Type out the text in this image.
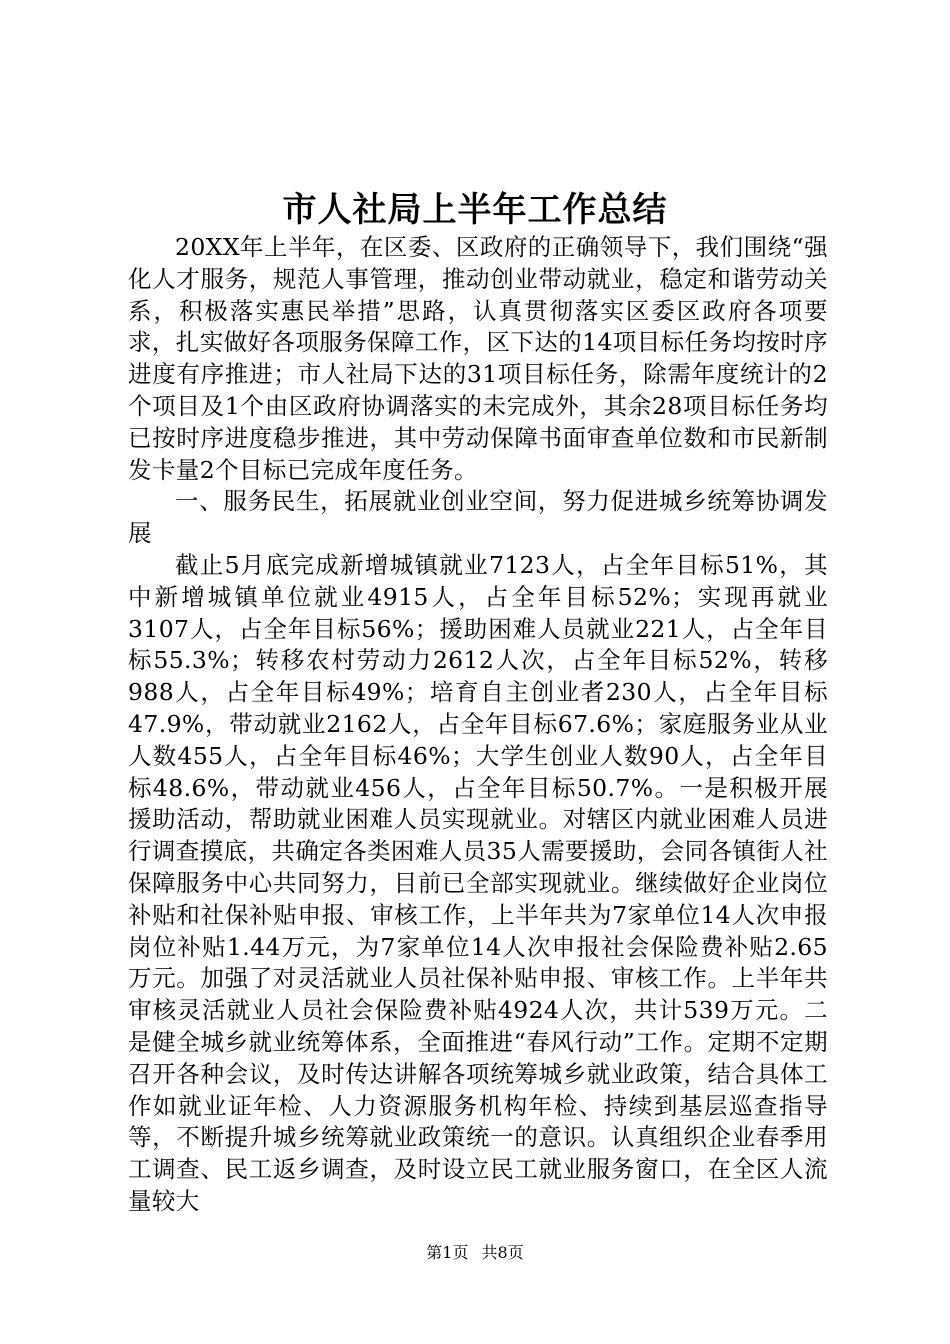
市人社局上半年工作总结

20XX年上半年，在区委、区政府的正确领导下，我们围绕“强化人才服务，规范人事管理，推动创业带动就业，稳定和谐劳动关系，积极落实惠民举措”思路，认真贯彻落实区委区政府各项要求，扎实做好各项服务保障工作，区下达的14项目标任务均按时序进度有序推进；市人社局下达的31项目标任务，除需年度统计的2个项目及1个由区政府协调落实的未完成外，其余28项目标任务均已按时序进度稳步推进，其中劳动保障书面审查单位数和市民新制发卡量2个目标已完成年度任务。

一、服务民生，拓展就业创业空间，努力促进城乡统筹协调发展

截止5月底完成新增城镇就业7123人，占全年目标51%，其中新增城镇单位就业4915人，占全年目标52%；实现再就业3107人，占全年目标56%；援助困难人员就业221人，占全年目标55.3%；转移农村劳动力2612人次，占全年目标52%，转移988人，占全年目标49%；培育自主创业者230人，占全年目标47.9%，带动就业2162人，占全年目标67.6%；家庭服务业从业人数455人，占全年目标46%；大学生创业人数90人，占全年目标48.6%，带动就业456人，占全年目标50.7%。一是积极开展援助活动，帮助就业困难人员实现就业。对辖区内就业困难人员进行调查摸底，共确定各类困难人员35人需要援助，会同各镇街人社保障服务中心共同努力，目前已全部实现就业。继续做好企业岗位补贴和社保补贴申报、审核工作，上半年共为7家单位14人次申报岗位补贴1.44万元，为7家单位14人次申报社会保险费补贴2.65万元。加强了对灵活就业人员社保补贴申报、审核工作。上半年共审核灵活就业人员社会保险费补贴4924人次，共计539万元。二是健全城乡就业统筹体系，全面推进“春风行动”工作。定期不定期召开各种会议，及时传达讲解各项统筹城乡就业政策，结合具体工作如就业证年检、人力资源服务机构年检、持续到基层巡查指导等，不断提升城乡统筹就业政策统一的意识。认真组织企业春季用工调查、民工返乡调查，及时设立民工就业服务窗口，在全区人流量较大

第1页 共8页
